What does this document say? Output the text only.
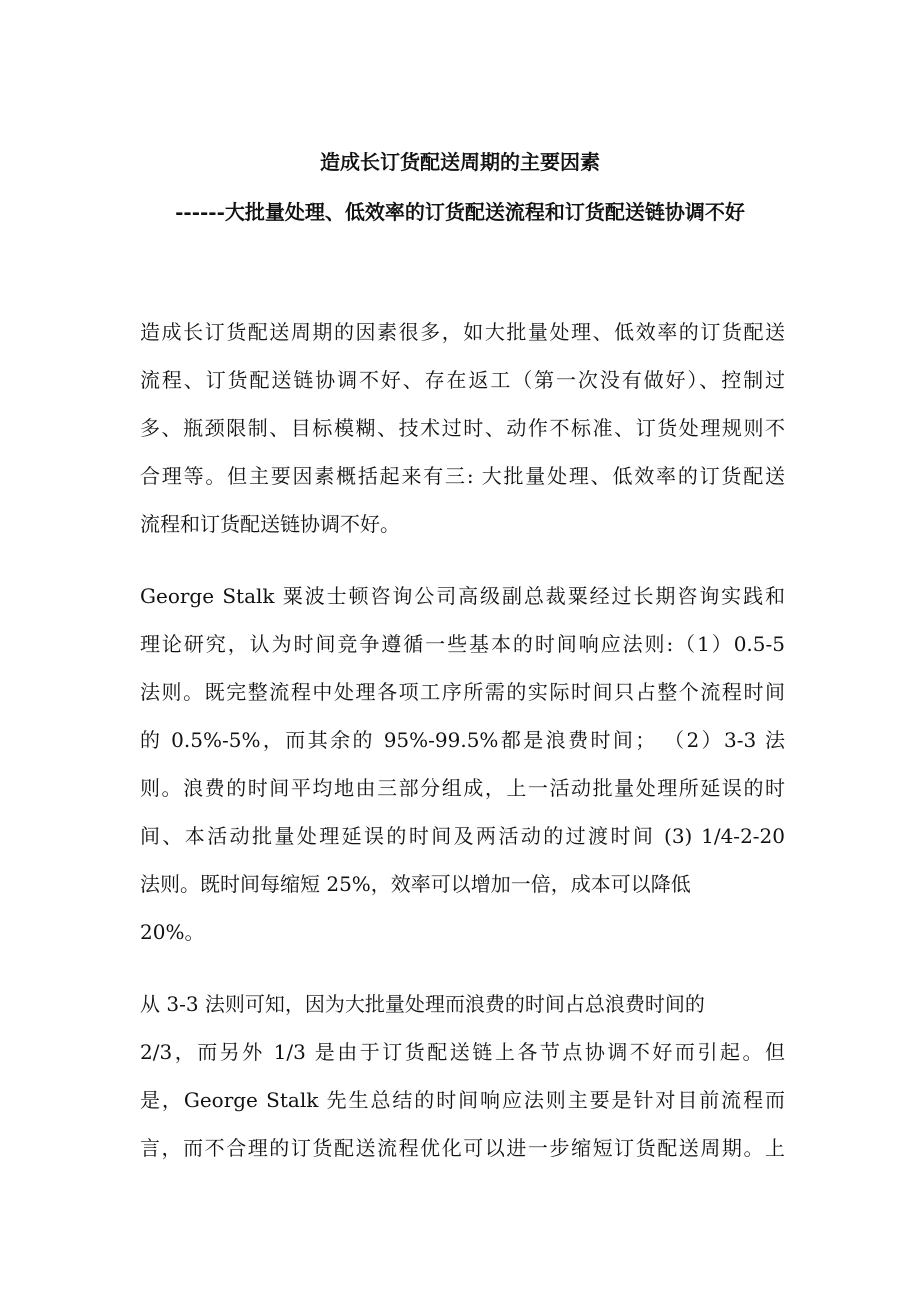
造成长订货配送周期的主要因素
------大批量处理、低效率的订货配送流程和订货配送链协调不好
造成长订货配送周期的因素很多，如大批量处理、低效率的订货配送
流程、订货配送链协调不好、存在返工（第一次没有做好）、控制过
多、瓶颈限制、目标模糊、技术过时、动作不标准、订货处理规则不
合理等。但主要因素概括起来有三: 大批量处理、低效率的订货配送
流程和订货配送链协调不好。
George Stalk 粟波士顿咨询公司高级副总裁粟经过长期咨询实践和
理论研究，认为时间竞争遵循一些基本的时间响应法则:（1）0.5-5
法则。既完整流程中处理各项工序所需的实际时间只占整个流程时间
的 0.5%-5%，而其余的 95%-99.5%都是浪费时间； （2）3-3 法
则。浪费的时间平均地由三部分组成，上一活动批量处理所延误的时
间、本活动批量处理延误的时间及两活动的过渡时间 (3) 1/4-2-20
法则。既时间每缩短 25%，效率可以增加一倍，成本可以降低
20%。
从 3-3 法则可知，因为大批量处理而浪费的时间占总浪费时间的
2/3，而另外 1/3 是由于订货配送链上各节点协调不好而引起。但
是，George Stalk 先生总结的时间响应法则主要是针对目前流程而
言，而不合理的订货配送流程优化可以进一步缩短订货配送周期。上
